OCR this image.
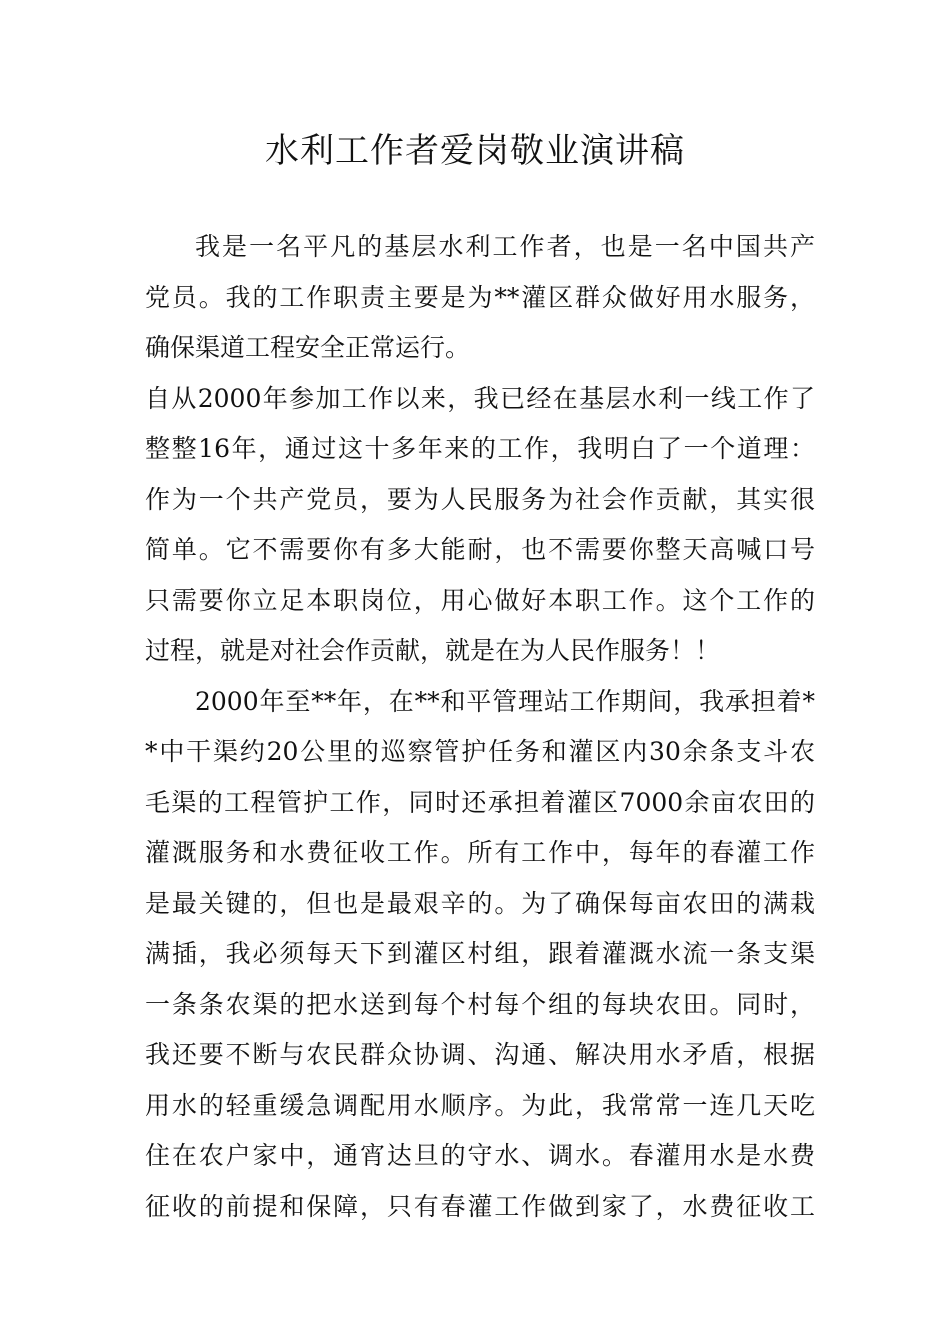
水利工作者爱岗敬业演讲稿
我是一名平凡的基层水利工作者，也是一名中国共产
党员。我的工作职责主要是为**灌区群众做好用水服务，
确保渠道工程安全正常运行。
自从2000年参加工作以来，我已经在基层水利一线工作了
整整16年，通过这十多年来的工作，我明白了一个道理：
作为一个共产党员，要为人民服务为社会作贡献，其实很
简单。它不需要你有多大能耐，也不需要你整天高喊口号
只需要你立足本职岗位，用心做好本职工作。这个工作的
过程，就是对社会作贡献，就是在为人民作服务！！
2000年至**年，在**和平管理站工作期间，我承担着*
*中干渠约20公里的巡察管护任务和灌区内30余条支斗农
毛渠的工程管护工作，同时还承担着灌区7000余亩农田的
灌溉服务和水费征收工作。所有工作中，每年的春灌工作
是最关键的，但也是最艰辛的。为了确保每亩农田的满栽
满插，我必须每天下到灌区村组，跟着灌溉水流一条支渠
一条条农渠的把水送到每个村每个组的每块农田。同时，
我还要不断与农民群众协调、沟通、解决用水矛盾，根据
用水的轻重缓急调配用水顺序。为此，我常常一连几天吃
住在农户家中，通宵达旦的守水、调水。春灌用水是水费
征收的前提和保障，只有春灌工作做到家了，水费征收工
